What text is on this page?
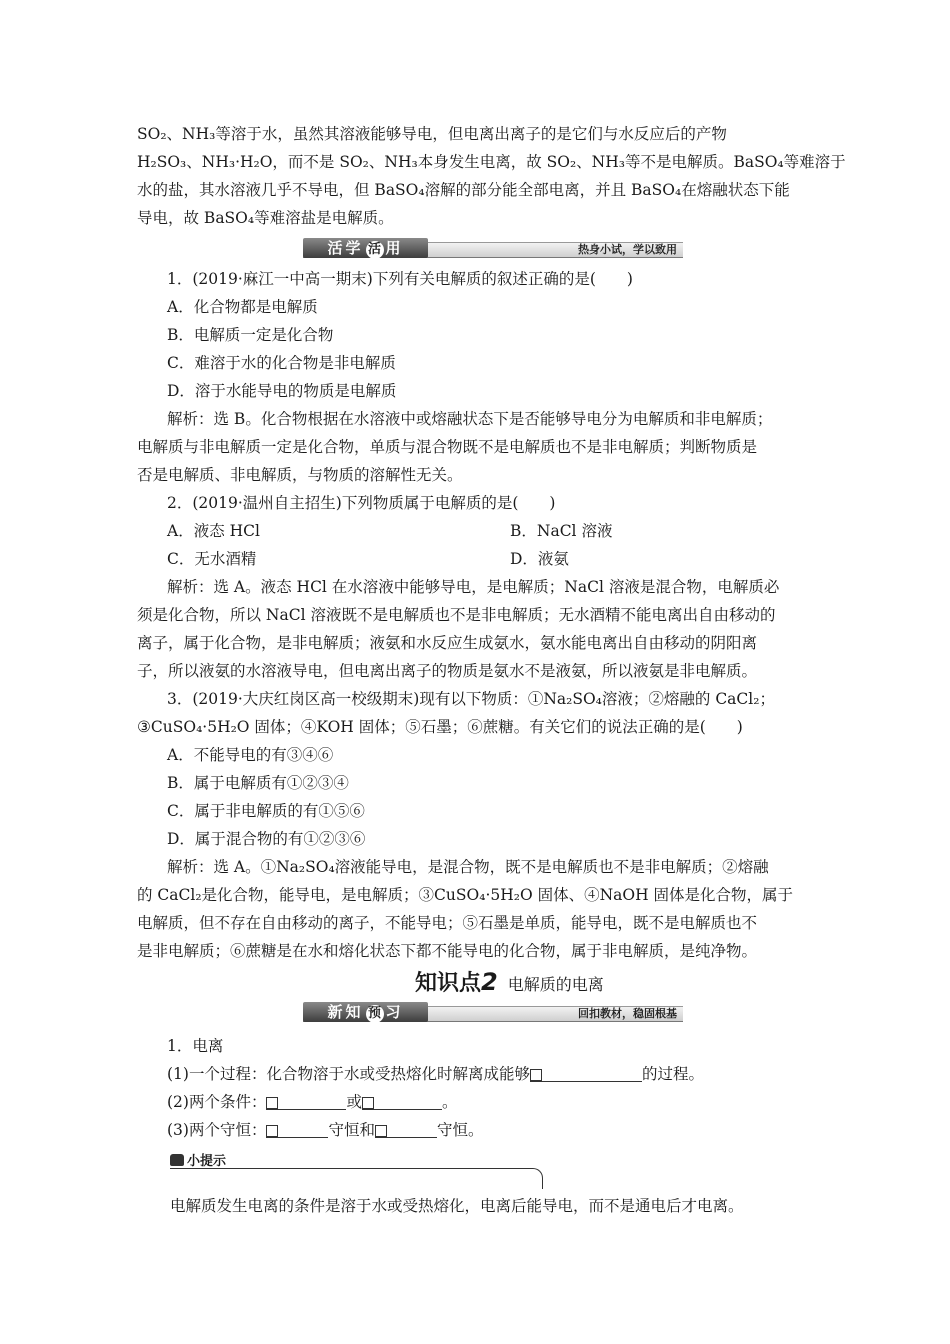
SO₂、NH₃等溶于水，虽然其溶液能够导电，但电离出离子的是它们与水反应后的产物
H₂SO₃、NH₃·H₂O，而不是 SO₂、NH₃本身发生电离，故 SO₂、NH₃等不是电解质。BaSO₄等难溶于
水的盐，其水溶液几乎不导电，但 BaSO₄溶解的部分能全部电离，并且 BaSO₄在熔融状态下能
导电，故 BaSO₄等难溶盐是电解质。
活学 活 用	热身小试，学以致用
1．(2019·麻江一中高一期末)下列有关电解质的叙述正确的是(　　)
A．化合物都是电解质
B．电解质一定是化合物
C．难溶于水的化合物是非电解质
D．溶于水能导电的物质是电解质
解析：选 B。化合物根据在水溶液中或熔融状态下是否能够导电分为电解质和非电解质；
电解质与非电解质一定是化合物，单质与混合物既不是电解质也不是非电解质；判断物质是
否是电解质、非电解质，与物质的溶解性无关。
2．(2019·温州自主招生)下列物质属于电解质的是(　　)
A．液态 HCl	B．NaCl 溶液
C．无水酒精	D．液氨
解析：选 A。液态 HCl 在水溶液中能够导电，是电解质；NaCl 溶液是混合物，电解质必
须是化合物，所以 NaCl 溶液既不是电解质也不是非电解质；无水酒精不能电离出自由移动的
离子，属于化合物，是非电解质；液氨和水反应生成氨水，氨水能电离出自由移动的阴阳离
子，所以液氨的水溶液导电，但电离出离子的物质是氨水不是液氨，所以液氨是非电解质。
3．(2019·大庆红岗区高一校级期末)现有以下物质：①Na₂SO₄溶液；②熔融的 CaCl₂；
③CuSO₄·5H₂O 固体；④KOH 固体；⑤石墨；⑥蔗糖。有关它们的说法正确的是(　　)
A．不能导电的有③④⑥
B．属于电解质有①②③④
C．属于非电解质的有①⑤⑥
D．属于混合物的有①②③⑥
解析：选 A。①Na₂SO₄溶液能导电，是混合物，既不是电解质也不是非电解质；②熔融
的 CaCl₂是化合物，能导电，是电解质；③CuSO₄·5H₂O 固体、④NaOH 固体是化合物，属于
电解质，但不存在自由移动的离子，不能导电；⑤石墨是单质，能导电，既不是电解质也不
是非电解质；⑥蔗糖是在水和熔化状态下都不能导电的化合物，属于非电解质，是纯净物。
知识点2 电解质的电离
新知 预 习	回扣教材，稳固根基
1．电离
(1)一个过程：化合物溶于水或受热熔化时解离成能够	的过程。
(2)两个条件：	或	。
(3)两个守恒：	守恒和	守恒。
小提示
电解质发生电离的条件是溶于水或受热熔化，电离后能导电，而不是通电后才电离。
